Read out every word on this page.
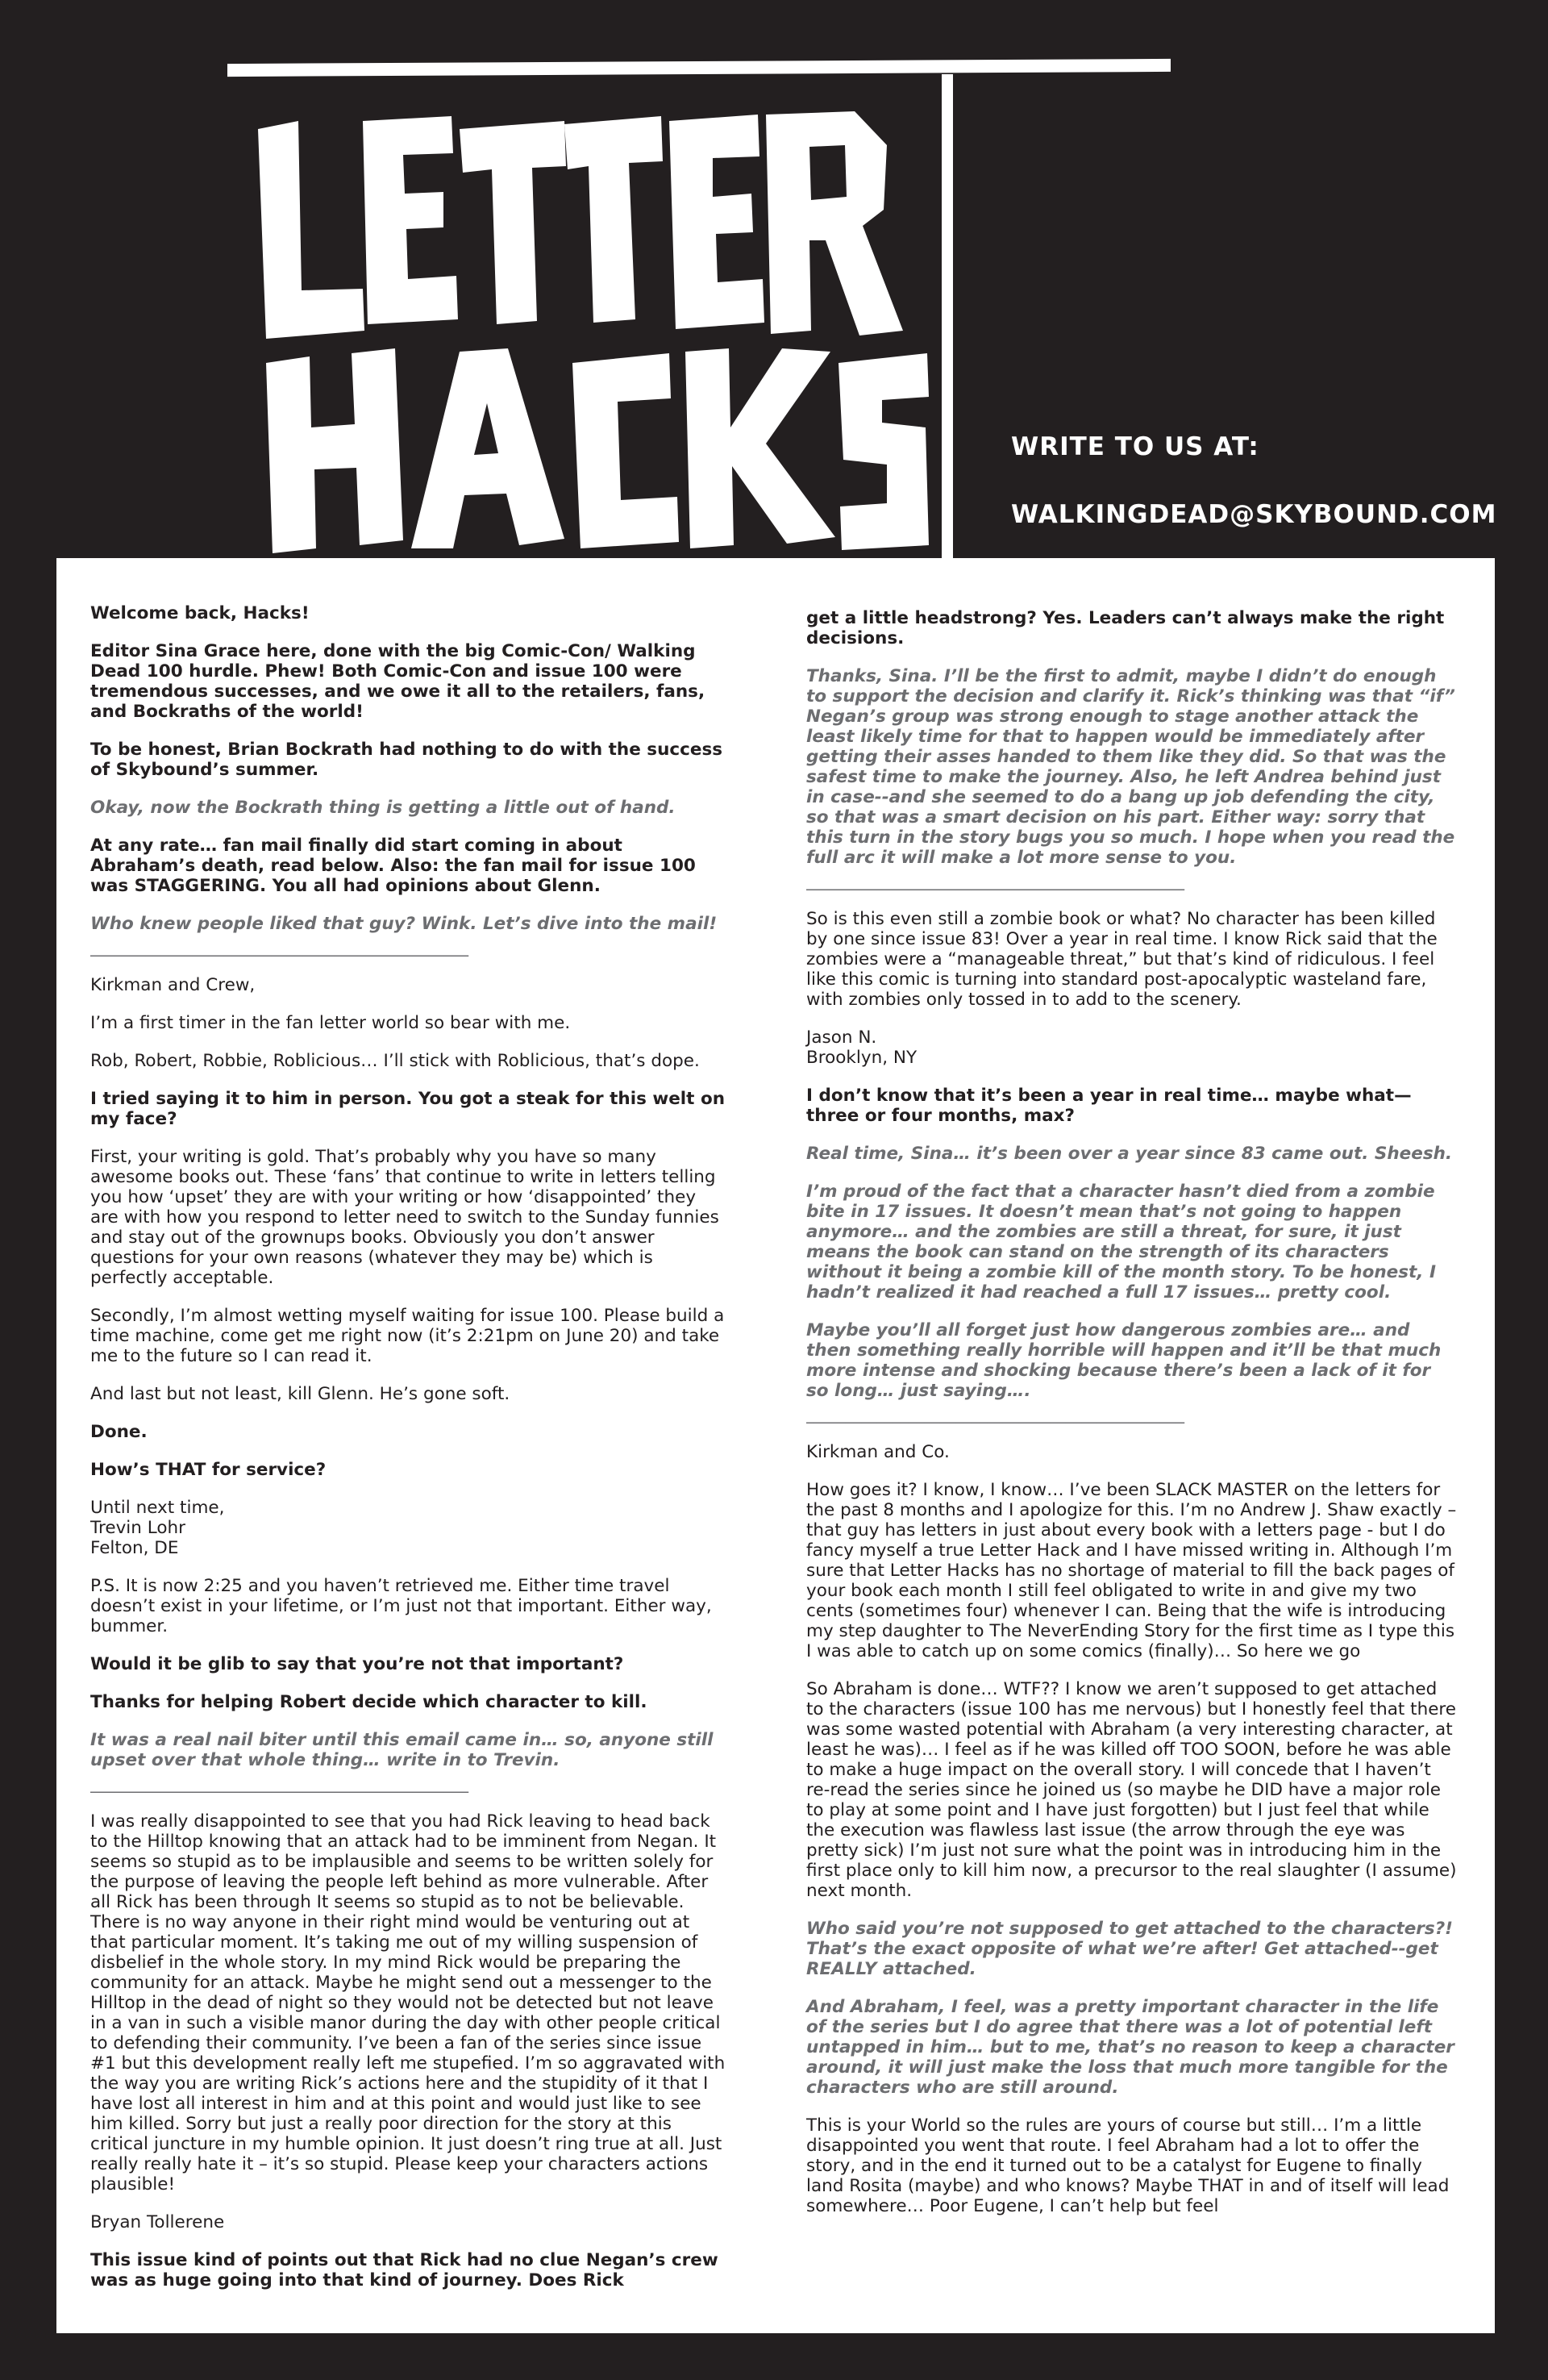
LETTER
WRITE TO US AT:
WALKINGDEAD@SKYBOUND.COM

Welcome back, Hacks!

Editor Sina Grace here, done with the big Comic-Con/ Walking Dead 100 hurdle. Phew! Both Comic-Con and issue 100 were tremendous successes, and we owe it all to the retailers, fans, and Bockraths of the world!

To be honest, Brian Bockrath had nothing to do with the success of Skybound’s summer.

Okay, now the Bockrath thing is getting a little out of hand.

At any rate… fan mail finally did start coming in about Abraham’s death, read below. Also: the fan mail for issue 100 was STAGGERING. You all had opinions about Glenn.

Who knew people liked that guy? Wink. Let’s dive into the mail!

________________________________________________

Kirkman and Crew,

I’m a first timer in the fan letter world so bear with me.

Rob, Robert, Robbie, Roblicious… I’ll stick with Roblicious, that’s dope.

I tried saying it to him in person. You got a steak for this welt on my face?

First, your writing is gold. That’s probably why you have so many awesome books out. These ‘fans’ that continue to write in letters telling you how ‘upset’ they are with your writing or how ‘disappointed’ they are with how you respond to letter need to switch to the Sunday funnies and stay out of the grownups books. Obviously you don’t answer questions for your own reasons (whatever they may be) which is perfectly acceptable.

Secondly, I’m almost wetting myself waiting for issue 100. Please build a time machine, come get me right now (it’s 2:21pm on June 20) and take me to the future so I can read it.

And last but not least, kill Glenn. He’s gone soft.

Done.

How’s THAT for service?

Until next time,
Trevin Lohr
Felton, DE

P.S. It is now 2:25 and you haven’t retrieved me. Either time travel doesn’t exist in your lifetime, or I’m just not that important. Either way, bummer.

Would it be glib to say that you’re not that important?

Thanks for helping Robert decide which character to kill.

It was a real nail biter until this email came in… so, anyone still upset over that whole thing… write in to Trevin.

________________________________________________

I was really disappointed to see that you had Rick leaving to head back to the Hilltop knowing that an attack had to be imminent from Negan. It seems so stupid as to be implausible and seems to be written solely for the purpose of leaving the people left behind as more vulnerable. After all Rick has been through It seems so stupid as to not be believable. There is no way anyone in their right mind would be venturing out at that particular moment. It’s taking me out of my willing suspension of disbelief in the whole story. In my mind Rick would be preparing the community for an attack. Maybe he might send out a messenger to the Hilltop in the dead of night so they would not be detected but not leave in a van in such a visible manor during the day with other people critical to defending their community. I’ve been a fan of the series since issue #1 but this development really left me stupefied. I’m so aggravated with the way you are writing Rick’s actions here and the stupidity of it that I have lost all interest in him and at this point and would just like to see him killed. Sorry but just a really poor direction for the story at this critical juncture in my humble opinion. It just doesn’t ring true at all. Just really really hate it – it’s so stupid. Please keep your characters actions plausible!

Bryan Tollerene

This issue kind of points out that Rick had no clue Negan’s crew was as huge going into that kind of journey. Does Rick

get a little headstrong? Yes. Leaders can’t always make the right decisions.

Thanks, Sina. I’ll be the first to admit, maybe I didn’t do enough to support the decision and clarify it. Rick’s thinking was that “if” Negan’s group was strong enough to stage another attack the least likely time for that to happen would be immediately after getting their asses handed to them like they did. So that was the safest time to make the journey. Also, he left Andrea behind just in case--and she seemed to do a bang up job defending the city, so that was a smart decision on his part. Either way: sorry that this turn in the story bugs you so much. I hope when you read the full arc it will make a lot more sense to you.

________________________________________________

So is this even still a zombie book or what? No character has been killed by one since issue 83! Over a year in real time. I know Rick said that the zombies were a “manageable threat,” but that’s kind of ridiculous. I feel like this comic is turning into standard post-apocalyptic wasteland fare, with zombies only tossed in to add to the scenery.

Jason N.
Brooklyn, NY

I don’t know that it’s been a year in real time… maybe what— three or four months, max?

Real time, Sina… it’s been over a year since 83 came out. Sheesh.

I’m proud of the fact that a character hasn’t died from a zombie bite in 17 issues. It doesn’t mean that’s not going to happen anymore… and the zombies are still a threat, for sure, it just means the book can stand on the strength of its characters without it being a zombie kill of the month story. To be honest, I hadn’t realized it had reached a full 17 issues… pretty cool.

Maybe you’ll all forget just how dangerous zombies are… and then something really horrible will happen and it’ll be that much more intense and shocking because there’s been a lack of it for so long… just saying….

________________________________________________

Kirkman and Co.

How goes it? I know, I know… I’ve been SLACK MASTER on the letters for the past 8 months and I apologize for this. I’m no Andrew J. Shaw exactly – that guy has letters in just about every book with a letters page - but I do fancy myself a true Letter Hack and I have missed writing in. Although I’m sure that Letter Hacks has no shortage of material to fill the back pages of your book each month I still feel obligated to write in and give my two cents (sometimes four) whenever I can. Being that the wife is introducing my step daughter to The NeverEnding Story for the first time as I type this I was able to catch up on some comics (finally)… So here we go

So Abraham is done… WTF?? I know we aren’t supposed to get attached to the characters (issue 100 has me nervous) but I honestly feel that there was some wasted potential with Abraham (a very interesting character, at least he was)… I feel as if he was killed off TOO SOON, before he was able to make a huge impact on the overall story. I will concede that I haven’t re-read the series since he joined us (so maybe he DID have a major role to play at some point and I have just forgotten) but I just feel that while the execution was flawless last issue (the arrow through the eye was pretty sick) I’m just not sure what the point was in introducing him in the first place only to kill him now, a precursor to the real slaughter (I assume) next month.

Who said you’re not supposed to get attached to the characters?! That’s the exact opposite of what we’re after! Get attached--get REALLY attached.

And Abraham, I feel, was a pretty important character in the life of the series but I do agree that there was a lot of potential left untapped in him… but to me, that’s no reason to keep a character around, it will just make the loss that much more tangible for the characters who are still around.

This is your World so the rules are yours of course but still… I’m a little disappointed you went that route. I feel Abraham had a lot to offer the story, and in the end it turned out to be a catalyst for Eugene to finally land Rosita (maybe) and who knows? Maybe THAT in and of itself will lead somewhere… Poor Eugene, I can’t help but feel
